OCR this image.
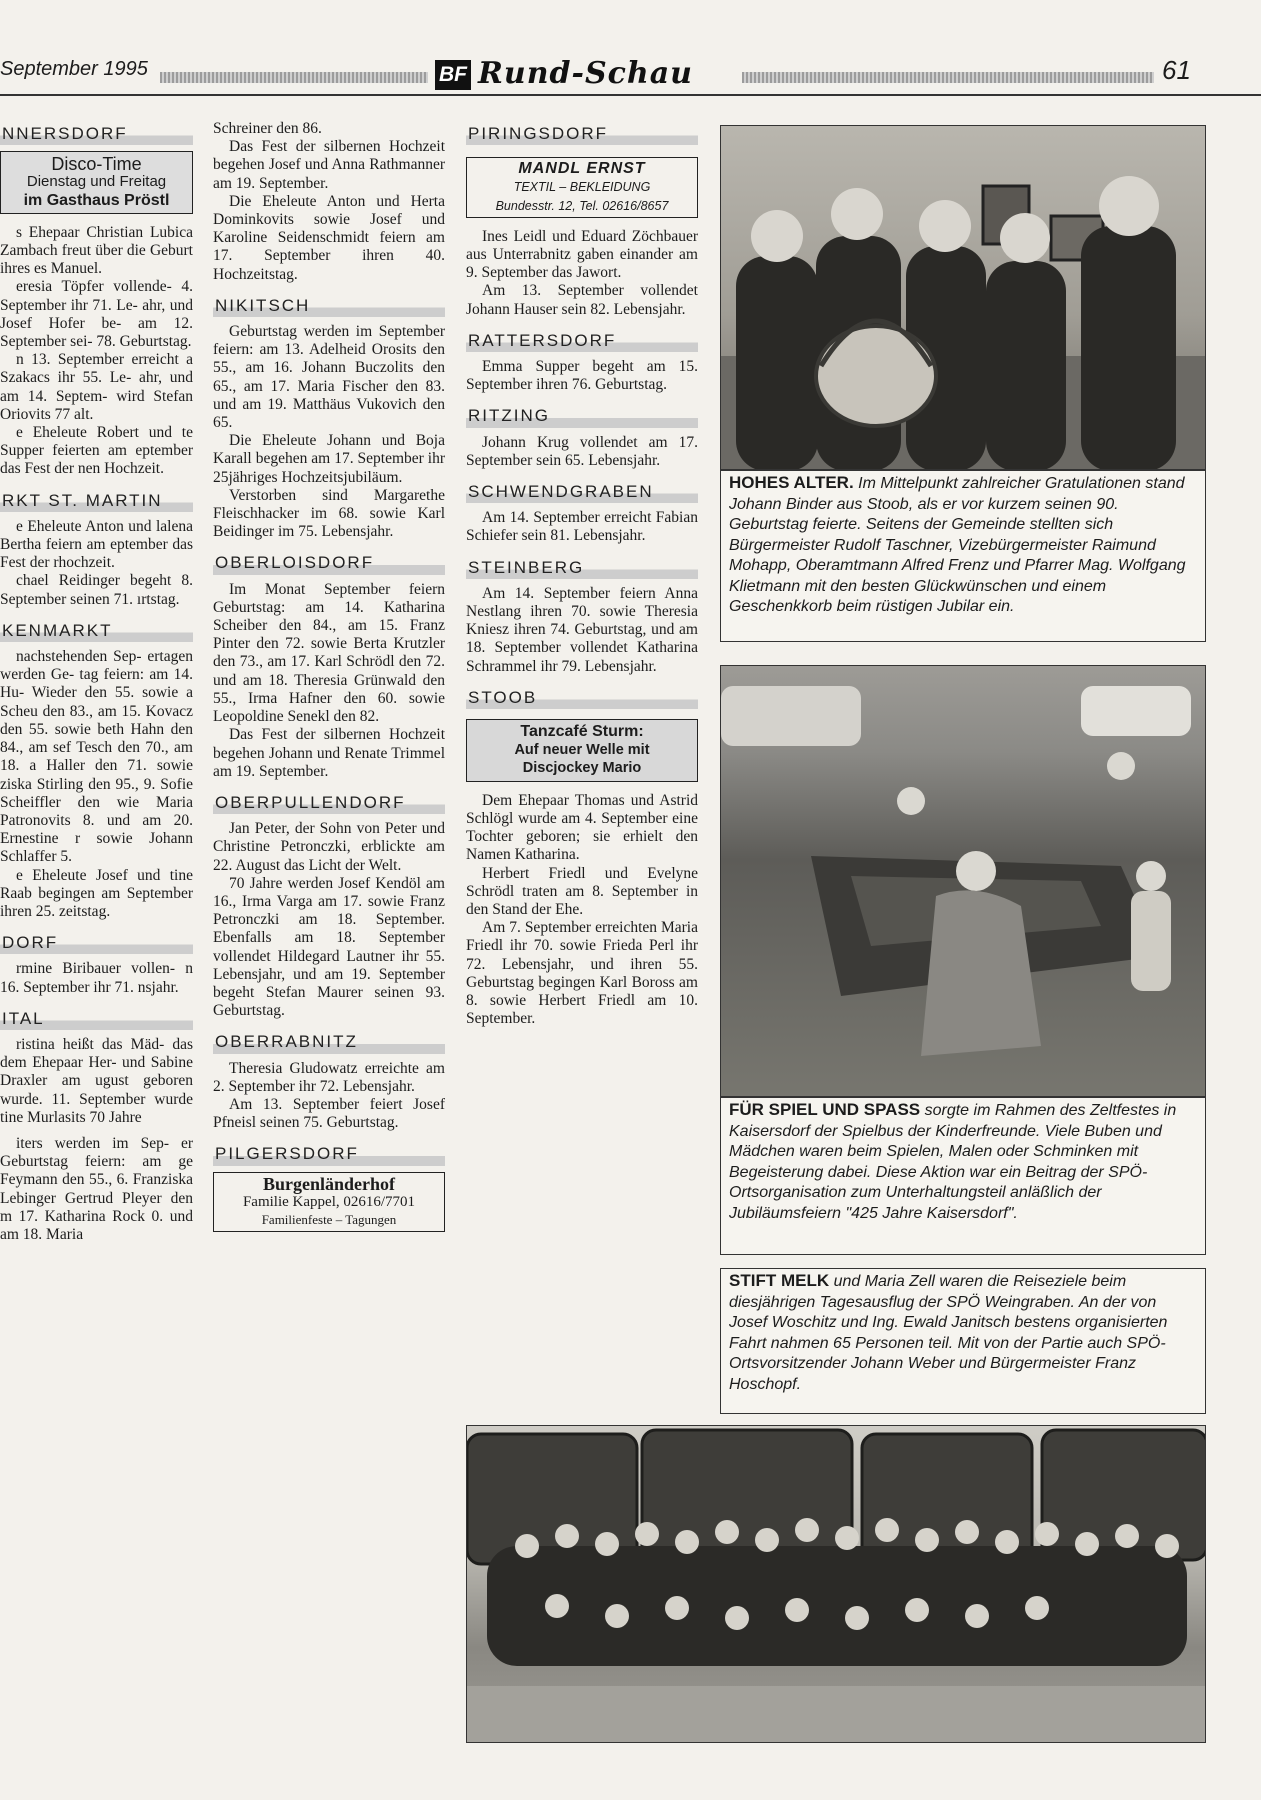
September 1995	BF Rund-Schau	61
NNERSDORF
Disco-Time
Dienstag und Freitag
im Gasthaus Pröstl

s Ehepaar Christian Lubica Zambach freut über die Geburt ihres es Manuel.

eresia Töpfer vollende- 4. September ihr 71. Le- ahr, und Josef Hofer be- am 12. September sei- 78. Geburtstag.

n 13. September erreicht a Szakacs ihr 55. Le- ahr, und am 14. Septem- wird Stefan Oriovits 77 alt.

e Eheleute Robert und te Supper feierten am eptember das Fest der nen Hochzeit.

RKT ST. MARTIN

e Eheleute Anton und lalena Bertha feiern am eptember das Fest der rhochzeit.

chael Reidinger begeht 8. September seinen 71. ırtstag.

KENMARKT

nachstehenden Sep- ertagen werden Ge- tag feiern: am 14. Hu- Wieder den 55. sowie a Scheu den 83., am 15. Kovacz den 55. sowie beth Hahn den 84., am sef Tesch den 70., am 18. a Haller den 71. sowie ziska Stirling den 95., 9. Sofie Scheiffler den wie Maria Patronovits 8. und am 20. Ernestine r sowie Johann Schlaffer 5.

e Eheleute Josef und tine Raab begingen am September ihren 25. zeitstag.

DORF

rmine Biribauer vollen- n 16. September ihr 71. nsjahr.

ITAL

ristina heißt das Mäd- das dem Ehepaar Her- und Sabine Draxler am ugust geboren wurde. 11. September wurde tine Murlasits 70 Jahre

iters werden im Sep- er Geburtstag feiern: am ge Feymann den 55., 6. Franziska Lebinger Gertrud Pleyer den m 17. Katharina Rock 0. und am 18. Maria

Schreiner den 86.

Das Fest der silbernen Hochzeit begehen Josef und Anna Rathmanner am 19. September.

Die Eheleute Anton und Herta Dominkovits sowie Josef und Karoline Seidenschmidt feiern am 17. September ihren 40. Hochzeitstag.

NIKITSCH

Geburtstag werden im September feiern: am 13. Adelheid Orosits den 55., am 16. Johann Buczolits den 65., am 17. Maria Fischer den 83. und am 19. Matthäus Vukovich den 65.

Die Eheleute Johann und Boja Karall begehen am 17. September ihr 25jähriges Hochzeitsjubiläum.

Verstorben sind Margarethe Fleischhacker im 68. sowie Karl Beidinger im 75. Lebensjahr.

OBERLOISDORF

Im Monat September feiern Geburtstag: am 14. Katharina Scheiber den 84., am 15. Franz Pinter den 72. sowie Berta Krutzler den 73., am 17. Karl Schrödl den 72. und am 18. Theresia Grünwald den 55., Irma Hafner den 60. sowie Leopoldine Senekl den 82.

Das Fest der silbernen Hochzeit begehen Johann und Renate Trimmel am 19. September.

OBERPULLENDORF

Jan Peter, der Sohn von Peter und Christine Petronczki, erblickte am 22. August das Licht der Welt.

70 Jahre werden Josef Kendöl am 16., Irma Varga am 17. sowie Franz Petronczki am 18. September. Ebenfalls am 18. September vollendet Hildegard Lautner ihr 55. Lebensjahr, und am 19. September begeht Stefan Maurer seinen 93. Geburtstag.

OBERRABNITZ

Theresia Gludowatz erreichte am 2. September ihr 72. Lebensjahr.

Am 13. September feiert Josef Pfneisl seinen 75. Geburtstag.

PILGERSDORF
Burgenländerhof
Familie Kappel, 02616/7701
Familienfeste – Tagungen
PIRINGSDORF
MANDL ERNST
TEXTIL – BEKLEIDUNG
Bundesstr. 12, Tel. 02616/8657

Ines Leidl und Eduard Zöchbauer aus Unterrabnitz gaben einander am 9. September das Jawort.

Am 13. September vollendet Johann Hauser sein 82. Lebensjahr.

RATTERSDORF

Emma Supper begeht am 15. September ihren 76. Geburtstag.

RITZING

Johann Krug vollendet am 17. September sein 65. Lebensjahr.

SCHWENDGRABEN

Am 14. September erreicht Fabian Schiefer sein 81. Lebensjahr.

STEINBERG

Am 14. September feiern Anna Nestlang ihren 70. sowie Theresia Kniesz ihren 74. Geburtstag, und am 18. September vollendet Katharina Schrammel ihr 79. Lebensjahr.

STOOB
Tanzcafé Sturm:
Auf neuer Welle mit
Discjockey Mario

Dem Ehepaar Thomas und Astrid Schlögl wurde am 4. September eine Tochter geboren; sie erhielt den Namen Katharina.

Herbert Friedl und Evelyne Schrödl traten am 8. September in den Stand der Ehe.

Am 7. September erreichten Maria Friedl ihr 70. sowie Frieda Perl ihr 72. Lebensjahr, und ihren 55. Geburtstag begingen Karl Boross am 8. sowie Herbert Friedl am 10. September.

HOHES ALTER. Im Mittelpunkt zahlreicher Gratulationen stand Johann Binder aus Stoob, als er vor kurzem seinen 90. Geburtstag feierte. Seitens der Gemeinde stellten sich Bürgermeister Rudolf Taschner, Vizebürgermeister Raimund Mohapp, Oberamtmann Alfred Frenz und Pfarrer Mag. Wolfgang Klietmann mit den besten Glückwünschen und einem Geschenkkorb beim rüstigen Jubilar ein.
FÜR SPIEL UND SPASS sorgte im Rahmen des Zeltfestes in Kaisersdorf der Spielbus der Kinderfreunde. Viele Buben und Mädchen waren beim Spielen, Malen oder Schminken mit Begeisterung dabei. Diese Aktion war ein Beitrag der SPÖ-Ortsorganisation zum Unterhaltungsteil anläßlich der Jubiläumsfeiern "425 Jahre Kaisersdorf".
STIFT MELK und Maria Zell waren die Reiseziele beim diesjährigen Tagesausflug der SPÖ Weingraben. An der von Josef Woschitz und Ing. Ewald Janitsch bestens organisierten Fahrt nahmen 65 Personen teil. Mit von der Partie auch SPÖ-Ortsvorsitzender Johann Weber und Bürgermeister Franz Hoschopf.
